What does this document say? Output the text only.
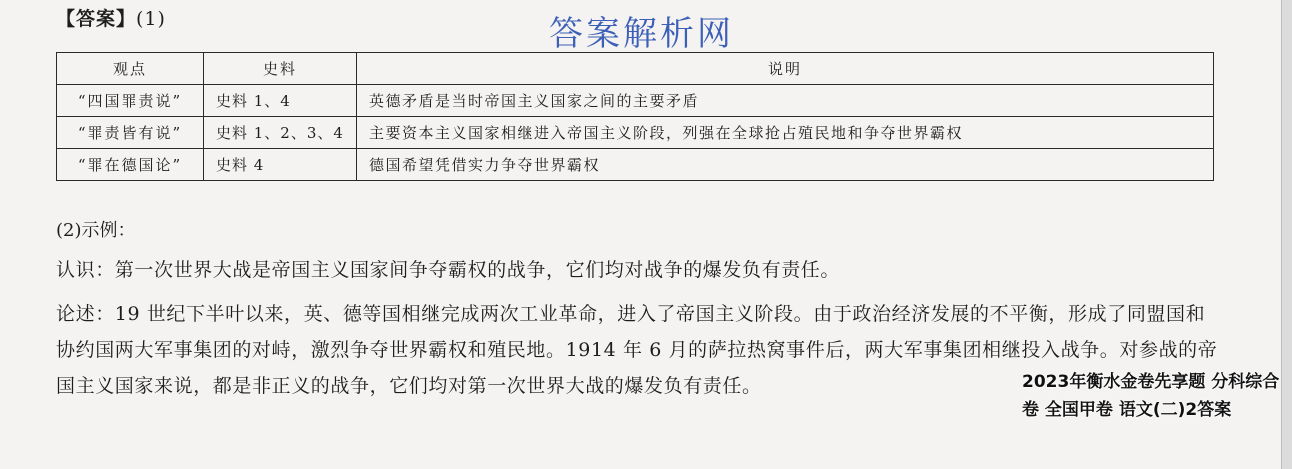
【答案】(1)	答案解析网
观点	史料	说明
“四国罪责说”	史料 1、4	英德矛盾是当时帝国主义国家之间的主要矛盾
“罪责皆有说”	史料 1、2、3、4	主要资本主义国家相继进入帝国主义阶段，列强在全球抢占殖民地和争夺世界霸权
“罪在德国论”	史料 4	德国希望凭借实力争夺世界霸权
(2)示例：
认识：第一次世界大战是帝国主义国家间争夺霸权的战争，它们均对战争的爆发负有责任。
论述：19 世纪下半叶以来，英、德等国相继完成两次工业革命，进入了帝国主义阶段。由于政治经济发展的不平衡，形成了同盟国和协约国两大军事集团的对峙，激烈争夺世界霸权和殖民地。1914 年 6 月的萨拉热窝事件后，两大军事集团相继投入战争。对参战的帝国主义国家来说，都是非正义的战争，它们均对第一次世界大战的爆发负有责任。	2023年衡水金卷先享题 分科综合卷 全国甲卷 语文(二)2答案
